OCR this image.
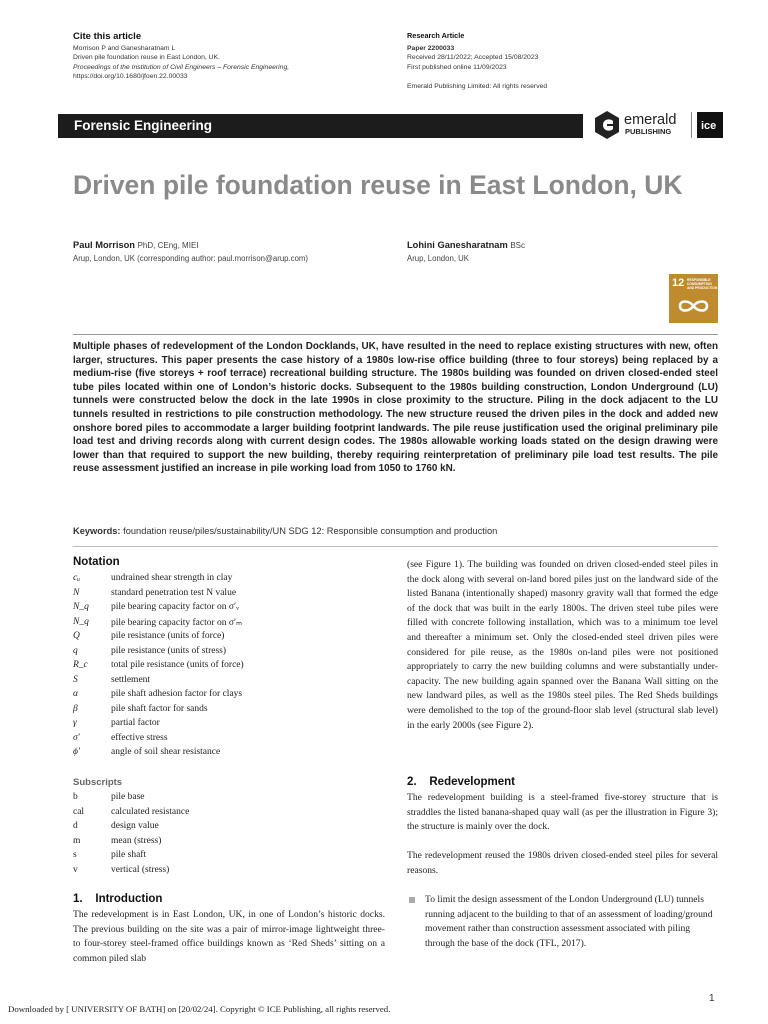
Cite this article
Morrison P and Ganesharatnam L
Driven pile foundation reuse in East London, UK.
Proceedings of the Institution of Civil Engineers – Forensic Engineering,
https://doi.org/10.1680/jfoen.22.00033
Research Article
Paper 2200033
Received 28/11/2022; Accepted 15/08/2023
First published online 11/09/2023
Emerald Publishing Limited: All rights reserved
Forensic Engineering	emerald
PUBLISHING	ice
Driven pile foundation reuse in East London, UK
Paul Morrison PhD, CEng, MIEI
Arup, London, UK (corresponding author: paul.morrison@arup.com)
Lohini Ganesharatnam BSc
Arup, London, UK
12 RESPONSIBLE CONSUMPTION AND PRODUCTION
Multiple phases of redevelopment of the London Docklands, UK, have resulted in the need to replace existing structures with new, often larger, structures. This paper presents the case history of a 1980s low-rise office building (three to four storeys) being replaced by a medium-rise (five storeys + roof terrace) recreational building structure. The 1980s building was founded on driven closed-ended steel tube piles located within one of London’s historic docks. Subsequent to the 1980s building construction, London Underground (LU) tunnels were constructed below the dock in the late 1990s in close proximity to the structure. Piling in the dock adjacent to the LU tunnels resulted in restrictions to pile construction methodology. The new structure reused the driven piles in the dock and added new onshore bored piles to accommodate a larger building footprint landwards. The pile reuse justification used the original preliminary pile load test and driving records along with current design codes. The 1980s allowable working loads stated on the design drawing were lower than that required to support the new building, thereby requiring reinterpretation of preliminary pile load test results. The pile reuse assessment justified an increase in pile working load from 1050 to 1760 kN.
Keywords: foundation reuse/piles/sustainability/UN SDG 12: Responsible consumption and production
Notation
cᵤ	undrained shear strength in clay
N	standard penetration test N value
N_q	pile bearing capacity factor on σ′ᵥ
N_q	pile bearing capacity factor on σ′ₘ
Q	pile resistance (units of force)
q	pile resistance (units of stress)
R_c	total pile resistance (units of force)
S	settlement
α	pile shaft adhesion factor for clays
β	pile shaft factor for sands
γ	partial factor
σ′	effective stress
ϕ′	angle of soil shear resistance
Subscripts
b	pile base
cal	calculated resistance
d	design value
m	mean (stress)
s	pile shaft
v	vertical (stress)
1.    Introduction
The redevelopment is in East London, UK, in one of London’s historic docks. The previous building on the site was a pair of mirror-image lightweight three- to four-storey steel-framed office buildings known as ‘Red Sheds’ sitting on a common piled slab
(see Figure 1). The building was founded on driven closed-ended steel piles in the dock along with several on-land bored piles just on the landward side of the listed Banana (intentionally shaped) masonry gravity wall that formed the edge of the dock that was built in the early 1800s. The driven steel tube piles were filled with concrete following installation, which was to a minimum toe level and thereafter a minimum set. Only the closed-ended steel driven piles were considered for pile reuse, as the 1980s on-land piles were not positioned appropriately to carry the new building columns and were substantially under-capacity. The new building again spanned over the Banana Wall sitting on the new landward piles, as well as the 1980s steel piles. The Red Sheds buildings were demolished to the top of the ground-floor slab level (structural slab level) in the early 2000s (see Figure 2).
2.    Redevelopment
The redevelopment building is a steel-framed five-storey structure that is straddles the listed banana-shaped quay wall (as per the illustration in Figure 3); the structure is mainly over the dock.
The redevelopment reused the 1980s driven closed-ended steel piles for several reasons.
To limit the design assessment of the London Underground (LU) tunnels running adjacent to the building to that of an assessment of loading/ground movement rather than construction assessment associated with piling through the base of the dock (TFL, 2017).
1
Downloaded by [ UNIVERSITY OF BATH] on [20/02/24]. Copyright © ICE Publishing, all rights reserved.
